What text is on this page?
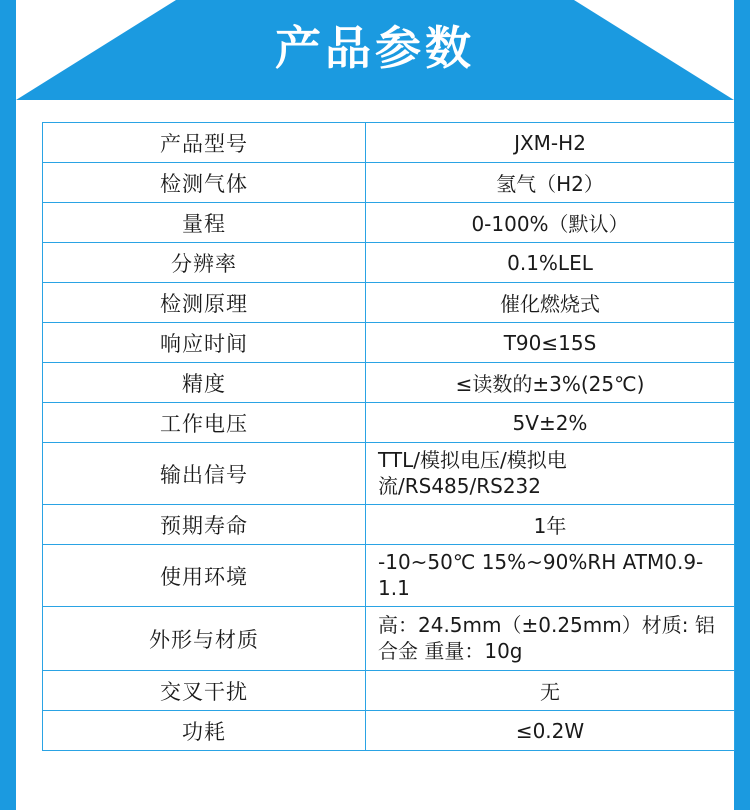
产品参数
产品型号	JXM-H2
检测气体	氢气（H2）
量程	0-100%（默认）
分辨率	0.1%LEL
检测原理	催化燃烧式
响应时间	T90≤15S
精度	≤读数的±3%(25℃)
工作电压	5V±2%
输出信号	TTL/模拟电压/模拟电流/RS485/RS232
预期寿命	1年
使用环境	-10~50℃ 15%~90%RH ATM0.9-1.1
外形与材质	高：24.5mm（±0.25mm）材质: 铝合金 重量：10g
交叉干扰	无
功耗	≤0.2W
